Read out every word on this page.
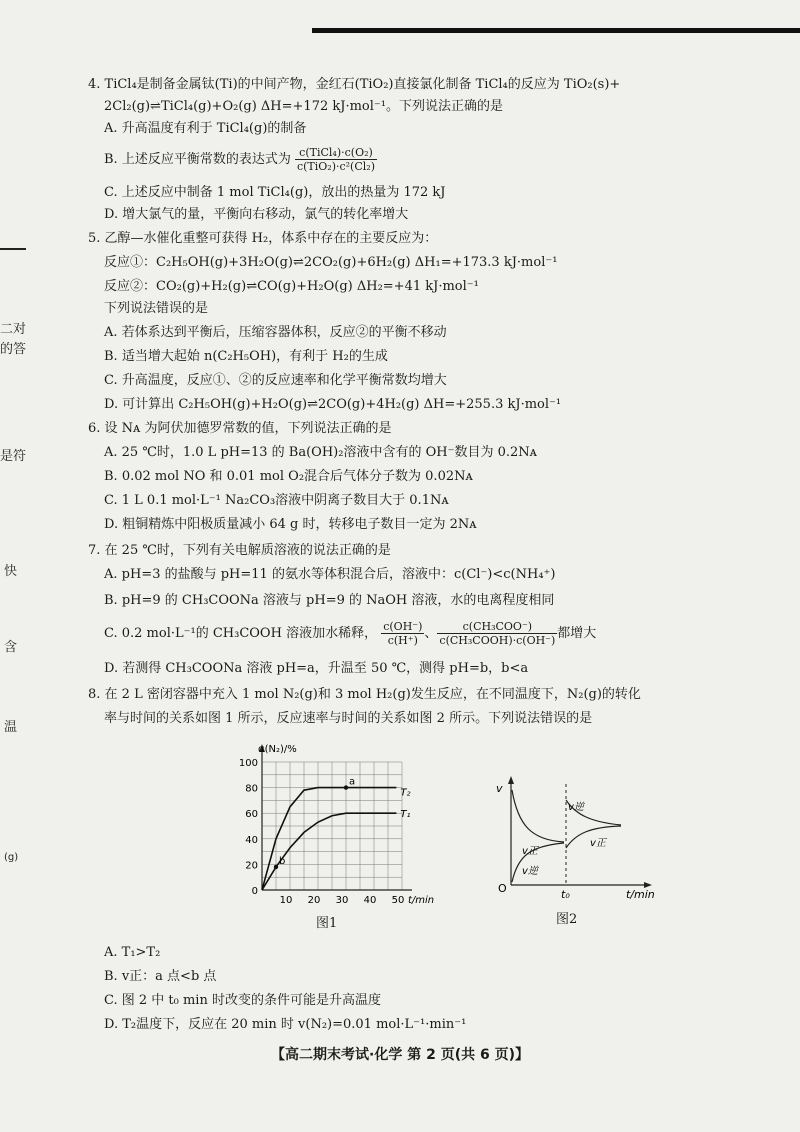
二对
的答
是符
快
含
温
(g)
4. TiCl₄是制备金属钛(Ti)的中间产物，金红石(TiO₂)直接氯化制备 TiCl₄的反应为 TiO₂(s)+
2Cl₂(g)⇌TiCl₄(g)+O₂(g) ΔH=+172 kJ·mol⁻¹。下列说法正确的是
A. 升高温度有利于 TiCl₄(g)的制备
B. 上述反应平衡常数的表达式为 $\frac{\text{c(TiCl₄)·c(O₂)}}{\text{c(TiO₂)·c²(Cl₂)}}$
C. 上述反应中制备 1 mol TiCl₄(g)，放出的热量为 172 kJ
D. 增大氯气的量，平衡向右移动，氯气的转化率增大
5. 乙醇—水催化重整可获得 H₂，体系中存在的主要反应为：
反应①：C₂H₅OH(g)+3H₂O(g)⇌2CO₂(g)+6H₂(g) ΔH₁=+173.3 kJ·mol⁻¹
反应②：CO₂(g)+H₂(g)⇌CO(g)+H₂O(g) ΔH₂=+41 kJ·mol⁻¹
下列说法错误的是
A. 若体系达到平衡后，压缩容器体积，反应②的平衡不移动
B. 适当增大起始 n(C₂H₅OH)，有利于 H₂的生成
C. 升高温度，反应①、②的反应速率和化学平衡常数均增大
D. 可计算出 C₂H₅OH(g)+H₂O(g)⇌2CO(g)+4H₂(g) ΔH=+255.3 kJ·mol⁻¹
6. 设 Nᴀ 为阿伏加德罗常数的值，下列说法正确的是
A. 25 ℃时，1.0 L pH=13 的 Ba(OH)₂溶液中含有的 OH⁻数目为 0.2Nᴀ
B. 0.02 mol NO 和 0.01 mol O₂混合后气体分子数为 0.02Nᴀ
C. 1 L 0.1 mol·L⁻¹ Na₂CO₃溶液中阴离子数目大于 0.1Nᴀ
D. 粗铜精炼中阳极质量减小 64 g 时，转移电子数目一定为 2Nᴀ
7. 在 25 ℃时，下列有关电解质溶液的说法正确的是
A. pH=3 的盐酸与 pH=11 的氨水等体积混合后，溶液中：c(Cl⁻)<c(NH₄⁺)
B. pH=9 的 CH₃COONa 溶液与 pH=9 的 NaOH 溶液，水的电离程度相同
C. 0.2 mol·L⁻¹的 CH₃COOH 溶液加水稀释， $\frac{c(OH^-)}{c(H^+)}$ 、 $\frac{\text{c(CH₃COO⁻)}}{\text{c(CH₃COOH)·c(OH⁻)}}$ 都增大
D. 若测得 CH₃COONa 溶液 pH=a，升温至 50 ℃，测得 pH=b，b<a
8. 在 2 L 密闭容器中充入 1 mol N₂(g)和 3 mol H₂(g)发生反应，在不同温度下，N₂(g)的转化
率与时间的关系如图 1 所示，反应速率与时间的关系如图 2 所示。下列说法错误的是
0
20
40
60
80
100
10 20 30 40 50
α(N₂)/%
t/min
T₂
T₁
a
b
v
O	t₀	t/min
v逆
v正
v逆
v正
图1	图2
A. T₁>T₂
B. v正：a 点<b 点
C. 图 2 中 t₀ min 时改变的条件可能是升高温度
D. T₂温度下，反应在 20 min 时 v(N₂)=0.01 mol·L⁻¹·min⁻¹
【高二期末考试·化学 第 2 页(共 6 页)】
